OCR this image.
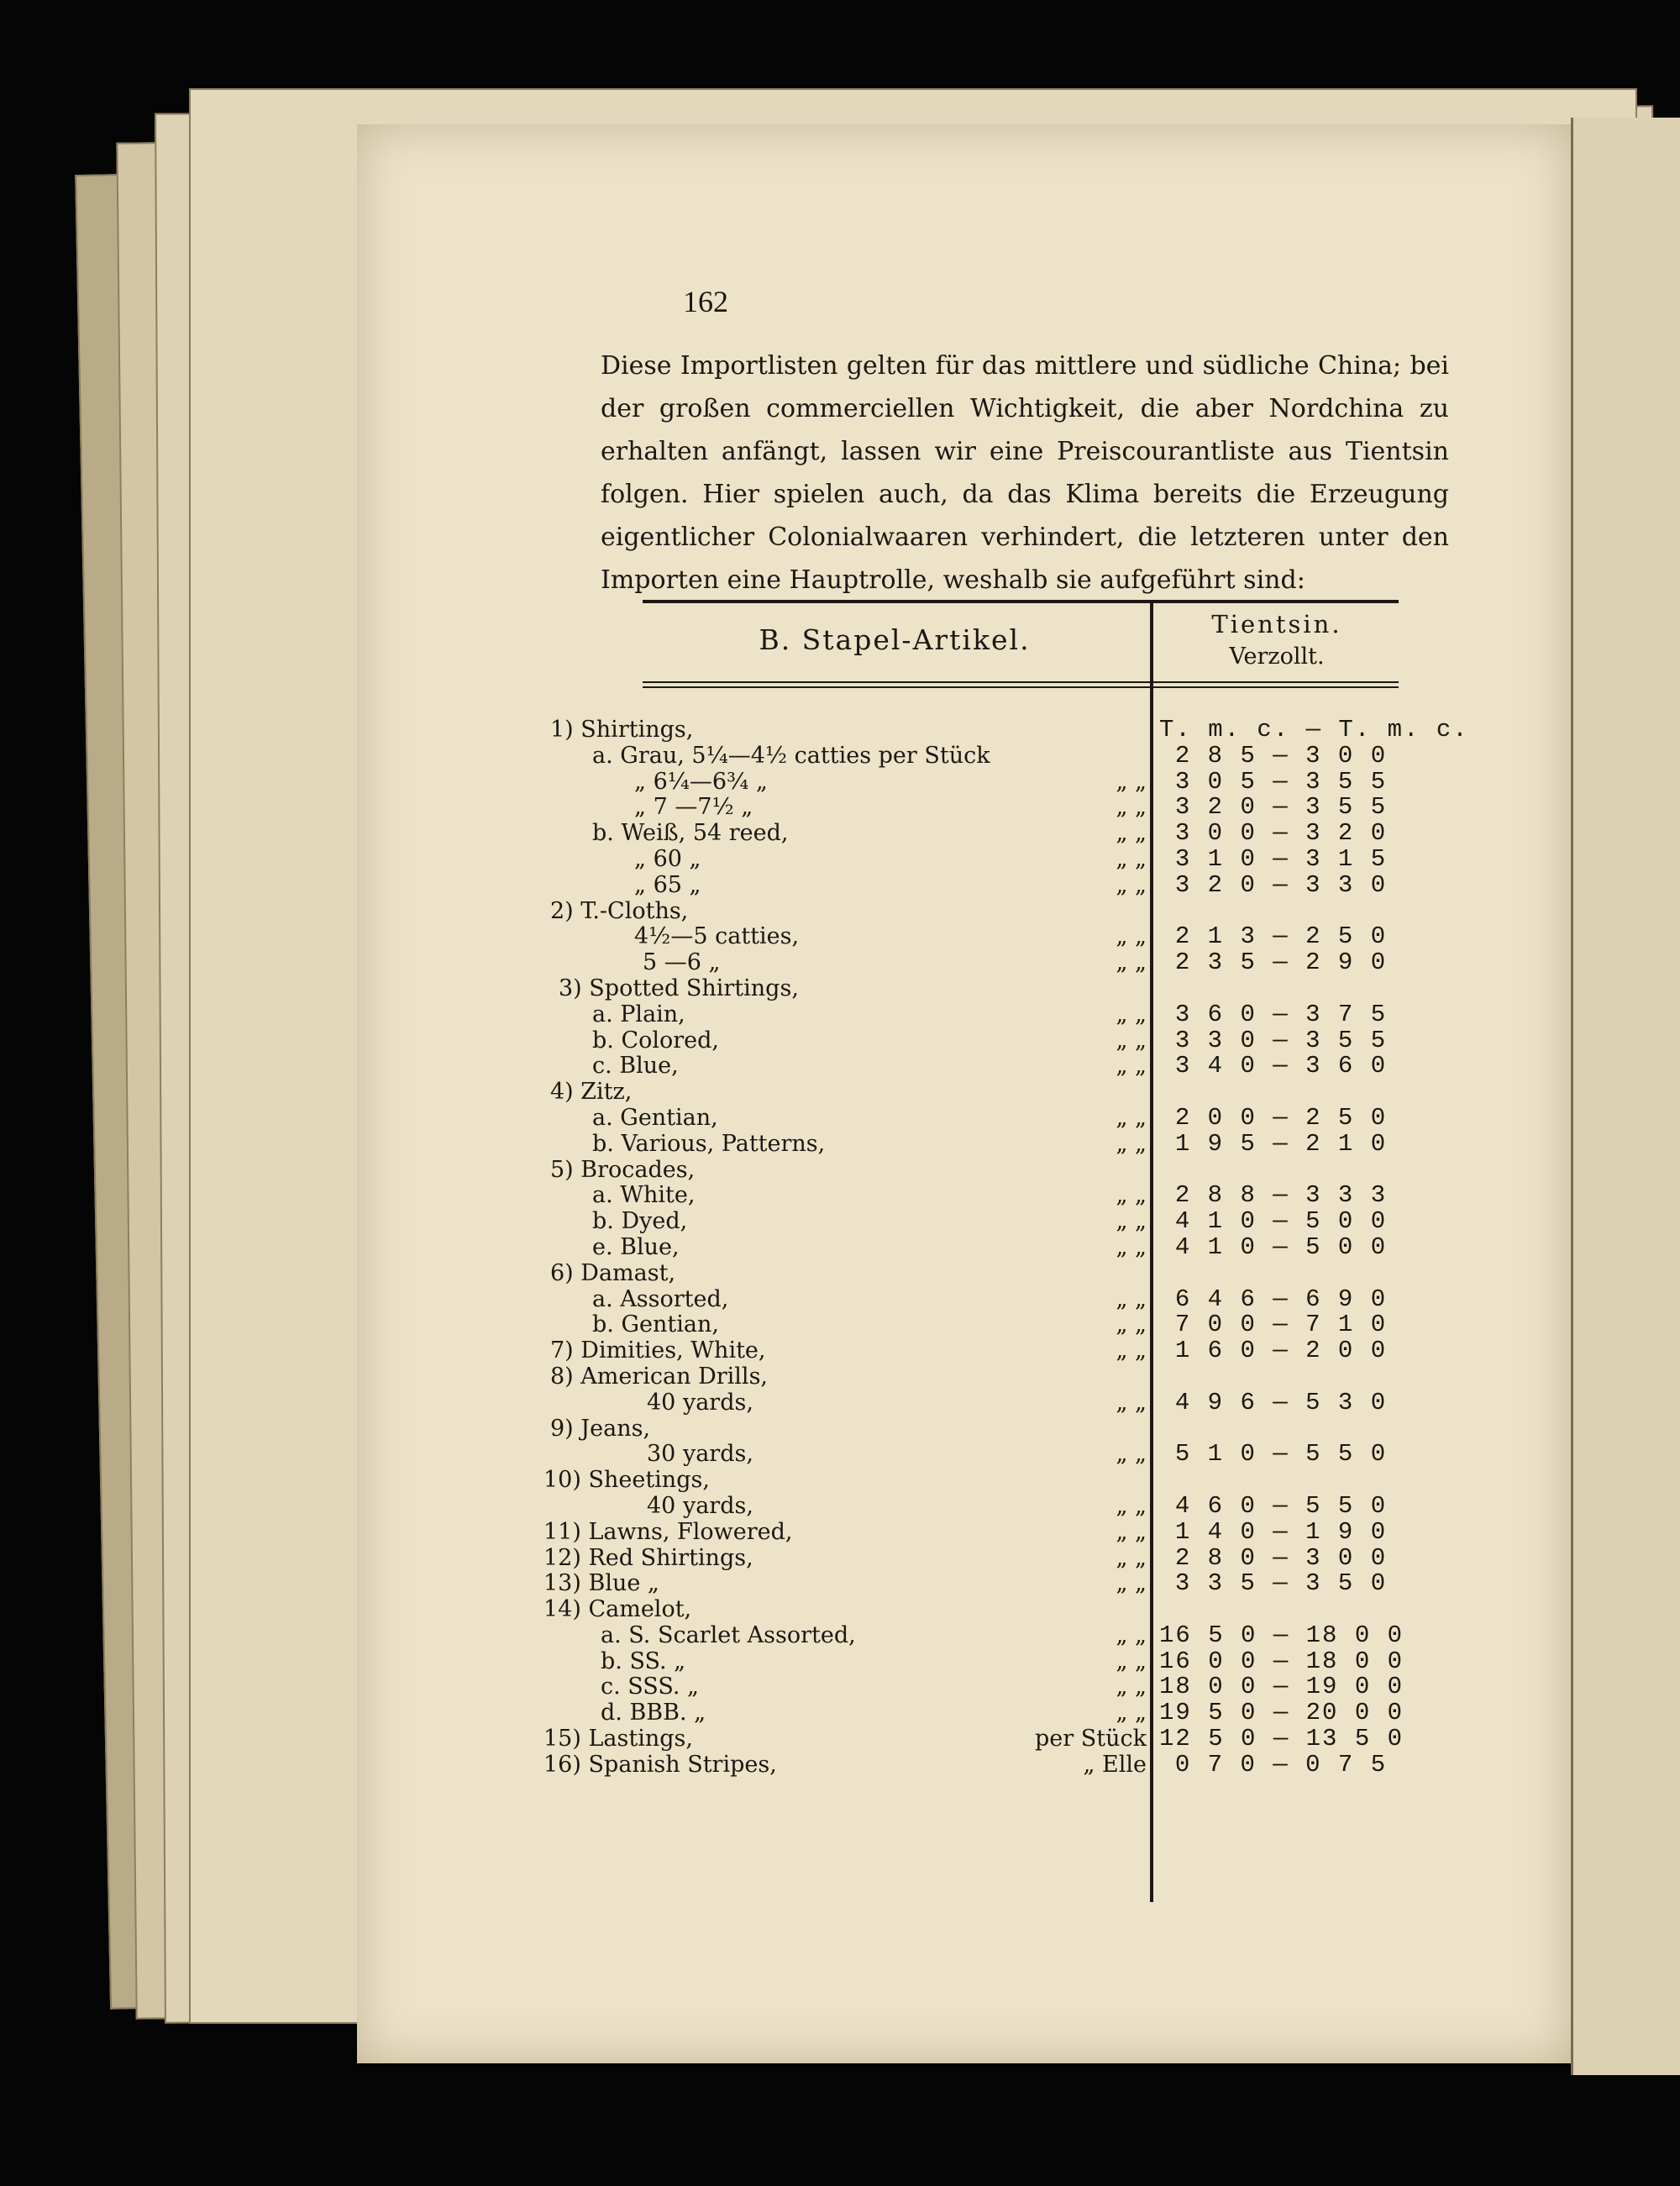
162
Diese Importlisten gelten für das mittlere und südliche China; bei der großen commerciellen Wichtigkeit, die aber Nordchina zu erhalten anfängt, lassen wir eine Preiscourantliste aus Tientsin folgen. Hier spielen auch, da das Klima bereits die Erzeugung eigentlicher Colonialwaaren verhindert, die letzteren unter den Importen eine Hauptrolle, weshalb sie aufgeführt sind:
B. Stapel-Artikel.	Tientsin.
Verzollt.
1) Shirtings,	T. m. c. — T. m. c.
a. Grau, 5¼—4½ catties per Stück	2 8 5 — 3 0 0
„ 6¼—6¾ „	„ „	3 0 5 — 3 5 5
„ 7 —7½ „	„ „	3 2 0 — 3 5 5
b. Weiß, 54 reed,	„ „	3 0 0 — 3 2 0
„ 60 „	„ „	3 1 0 — 3 1 5
„ 65 „	„ „	3 2 0 — 3 3 0
2) T.-Cloths,
4½—5 catties,	„ „	2 1 3 — 2 5 0
5 —6 „	„ „	2 3 5 — 2 9 0
3) Spotted Shirtings,
a. Plain,	„ „	3 6 0 — 3 7 5
b. Colored,	„ „	3 3 0 — 3 5 5
c. Blue,	„ „	3 4 0 — 3 6 0
4) Zitz,
a. Gentian,	„ „	2 0 0 — 2 5 0
b. Various, Patterns,	„ „	1 9 5 — 2 1 0
5) Brocades,
a. White,	„ „	2 8 8 — 3 3 3
b. Dyed,	„ „	4 1 0 — 5 0 0
e. Blue,	„ „	4 1 0 — 5 0 0
6) Damast,
a. Assorted,	„ „	6 4 6 — 6 9 0
b. Gentian,	„ „	7 0 0 — 7 1 0
7) Dimities, White,	„ „	1 6 0 — 2 0 0
8) American Drills,
40 yards,	„ „	4 9 6 — 5 3 0
9) Jeans,
30 yards,	„ „	5 1 0 — 5 5 0
10) Sheetings,
40 yards,	„ „	4 6 0 — 5 5 0
11) Lawns, Flowered,	„ „	1 4 0 — 1 9 0
12) Red Shirtings,	„ „	2 8 0 — 3 0 0
13) Blue „	„ „	3 3 5 — 3 5 0
14) Camelot,
a. S. Scarlet Assorted,	„ „ 16 5 0 — 18 0 0
b. SS. „	„ „ 16 0 0 — 18 0 0
c. SSS. „	„ „ 18 0 0 — 19 0 0
d. BBB. „	„ „ 19 5 0 — 20 0 0
15) Lastings,	per Stück 12 5 0 — 13 5 0
16) Spanish Stripes,	„ Elle	0 7 0 — 0 7 5
